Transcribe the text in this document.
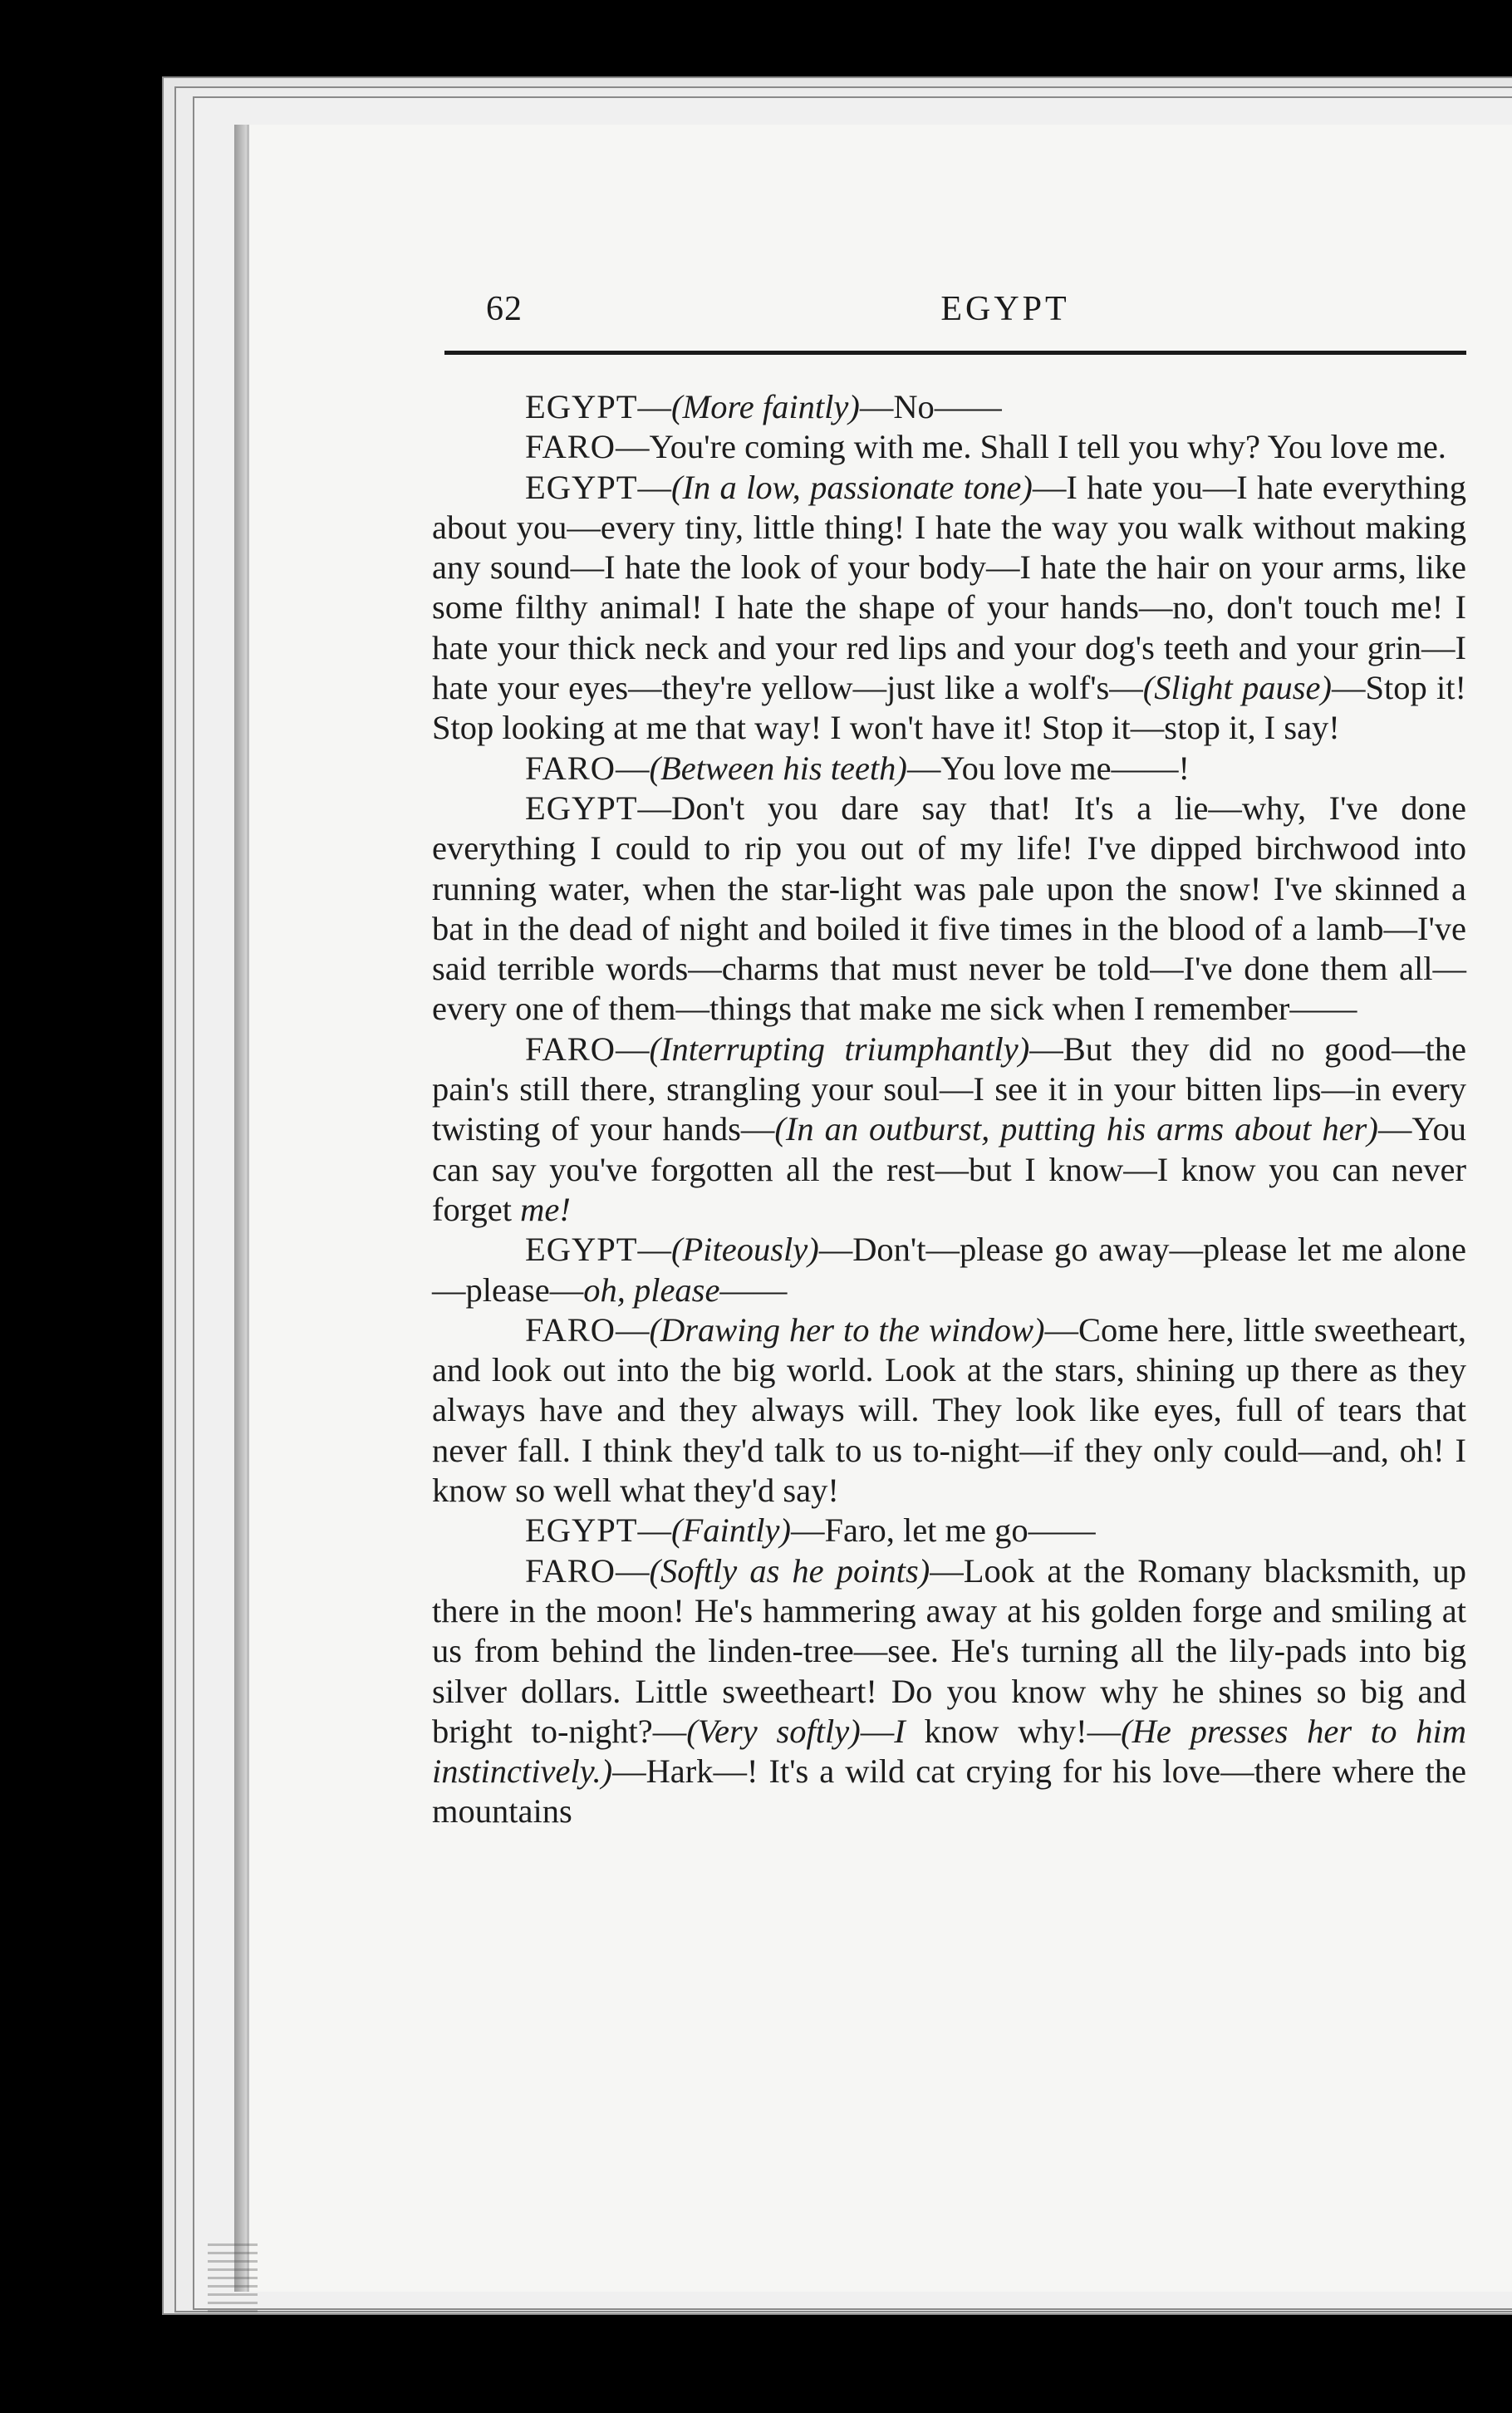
62	EGYPT

EGYPT—(More faintly)—No——

FARO—You're coming with me. Shall I tell you why? You love me.

EGYPT—(In a low, passionate tone)—I hate you—I hate everything about you—every tiny, little thing! I hate the way you walk without making any sound—I hate the look of your body—I hate the hair on your arms, like some filthy animal! I hate the shape of your hands—no, don't touch me! I hate your thick neck and your red lips and your dog's teeth and your grin—I hate your eyes—they're yellow—just like a wolf's—(Slight pause)—Stop it! Stop looking at me that way! I won't have it! Stop it—stop it, I say!

FARO—(Between his teeth)—You love me——!

EGYPT—Don't you dare say that! It's a lie—why, I've done everything I could to rip you out of my life! I've dipped birchwood into running water, when the star-light was pale upon the snow! I've skinned a bat in the dead of night and boiled it five times in the blood of a lamb—I've said terrible words—charms that must never be told—I've done them all—every one of them—things that make me sick when I remember——

FARO—(Interrupting triumphantly)—But they did no good—the pain's still there, strangling your soul—I see it in your bitten lips—in every twisting of your hands—(In an outburst, putting his arms about her)—You can say you've forgotten all the rest—but I know—I know you can never forget me!

EGYPT—(Piteously)—Don't—please go away—please let me alone—please—oh, please——

FARO—(Drawing her to the window)—Come here, little sweetheart, and look out into the big world. Look at the stars, shining up there as they always have and they always will. They look like eyes, full of tears that never fall. I think they'd talk to us to-night—if they only could—and, oh! I know so well what they'd say!

EGYPT—(Faintly)—Faro, let me go——

FARO—(Softly as he points)—Look at the Romany blacksmith, up there in the moon! He's hammering away at his golden forge and smiling at us from behind the linden-tree—see. He's turning all the lily-pads into big silver dollars. Little sweetheart! Do you know why he shines so big and bright to-night?—(Very softly)—I know why!—(He presses her to him instinctively.)—Hark—! It's a wild cat crying for his love—there where the mountains
